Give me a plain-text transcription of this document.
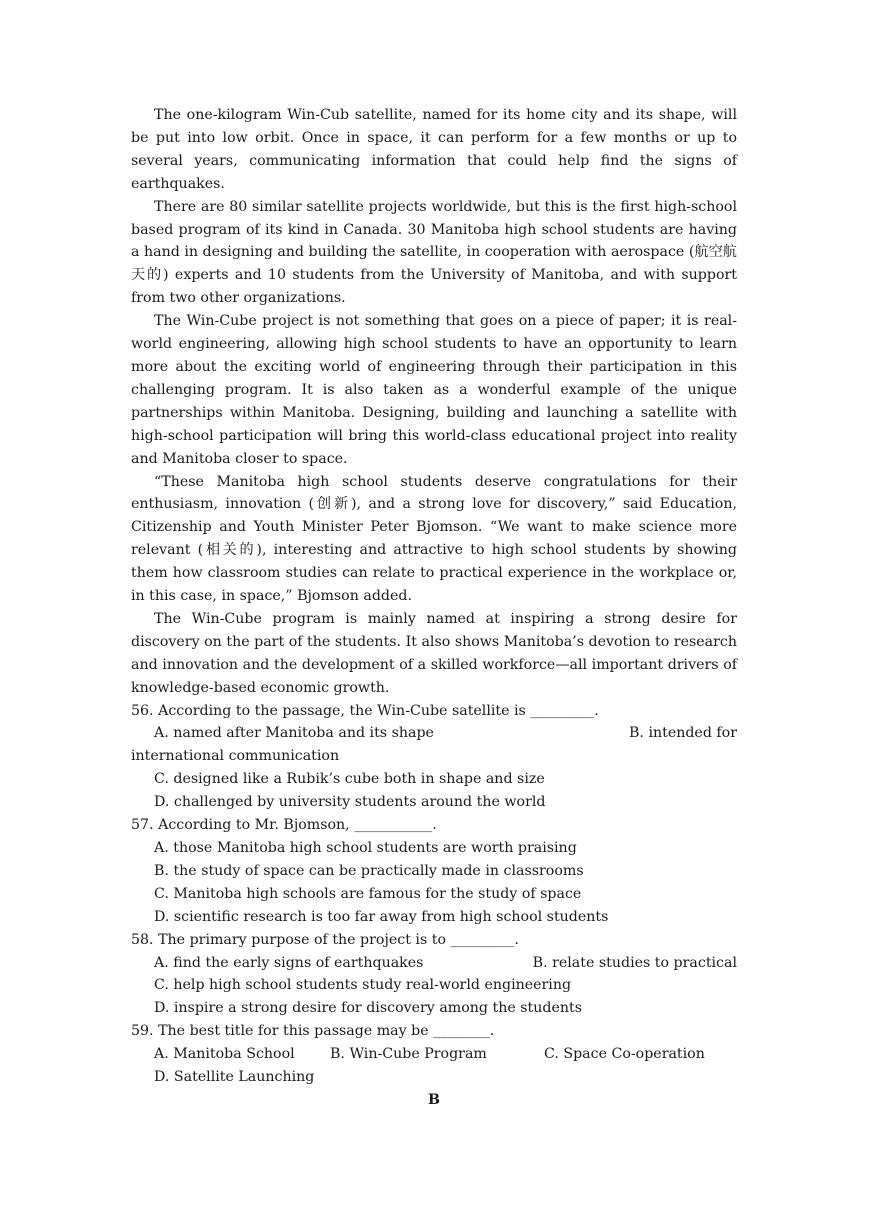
The one-kilogram Win-Cub satellite, named for its home city and its shape, will be put into low orbit. Once in space, it can perform for a few months or up to several years, communicating information that could help find the signs of earthquakes.

There are 80 similar satellite projects worldwide, but this is the first high-school based program of its kind in Canada. 30 Manitoba high school students are having a hand in designing and building the satellite, in cooperation with aerospace (航空航天的) experts and 10 students from the University of Manitoba, and with support from two other organizations.

The Win-Cube project is not something that goes on a piece of paper; it is real-world engineering, allowing high school students to have an opportunity to learn more about the exciting world of engineering through their participation in this challenging program. It is also taken as a wonderful example of the unique partnerships within Manitoba. Designing, building and launching a satellite with high-school participation will bring this world-class educational project into reality and Manitoba closer to space.

“These Manitoba high school students deserve congratulations for their enthusiasm, innovation (创新), and a strong love for discovery,” said Education, Citizenship and Youth Minister Peter Bjomson. “We want to make science more relevant (相关的), interesting and attractive to high school students by showing them how classroom studies can relate to practical experience in the workplace or, in this case, in space,” Bjomson added.

The Win-Cube program is mainly named at inspiring a strong desire for discovery on the part of the students. It also shows Manitoba’s devotion to research and innovation and the development of a skilled workforce—all important drivers of knowledge-based economic growth.

56. According to the passage, the Win-Cube satellite is _________.

A. named after Manitoba and its shape	B. intended for

international communication

C. designed like a Rubik’s cube both in shape and size

D. challenged by university students around the world

57. According to Mr. Bjomson, ___________.

A. those Manitoba high school students are worth praising

B. the study of space can be practically made in classrooms

C. Manitoba high schools are famous for the study of space

D. scientific research is too far away from high school students

58. The primary purpose of the project is to _________.

A. find the early signs of earthquakes	B. relate studies to practical

C. help high school students study real-world engineering

D. inspire a strong desire for discovery among the students

59. The best title for this passage may be ________.

A. Manitoba School	B. Win-Cube Program	C. Space Co-operation

D. Satellite Launching

B
